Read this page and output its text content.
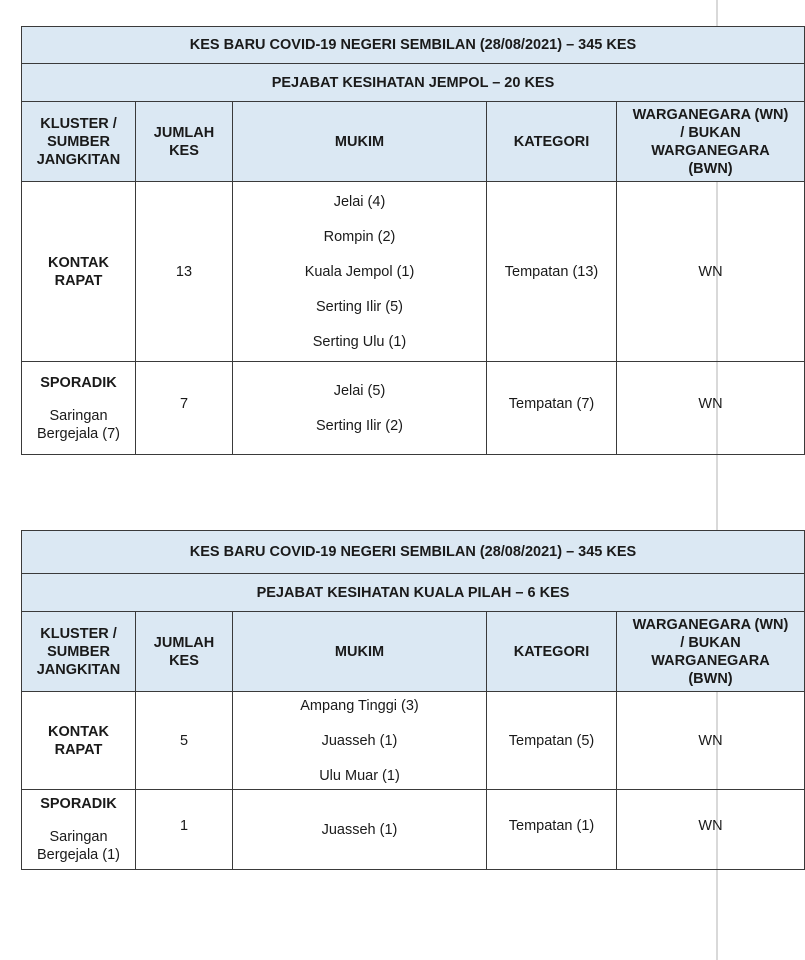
KES BARU COVID-19 NEGERI SEMBILAN (28/08/2021) – 345 KES				
PEJABAT KESIHATAN JEMPOL – 20 KES				
KLUSTER /
SUMBER
JANGKITAN	JUMLAH
KES	MUKIM	KATEGORI	WARGANEGARA (WN)
/ BUKAN
WARGANEGARA
(BWN)
KONTAK
RAPAT	13	Jelai (4)
Rompin (2)
Kuala Jempol (1)
Serting Ilir (5)
Serting Ulu (1)	Tempatan (13)	WN

SPORADIK
Saringan
Bergejala (7)	7	Jelai (5)
Serting Ilir (2)	Tempatan (7)	WN
KES BARU COVID-19 NEGERI SEMBILAN (28/08/2021) – 345 KES				
PEJABAT KESIHATAN KUALA PILAH – 6 KES				
KLUSTER /
SUMBER
JANGKITAN	JUMLAH
KES	MUKIM	KATEGORI	WARGANEGARA (WN)
/ BUKAN
WARGANEGARA
(BWN)
KONTAK
RAPAT	5	Ampang Tinggi (3)
Juasseh (1)
Ulu Muar (1)	Tempatan (5)	WN

SPORADIK
Saringan
Bergejala (1)	1	Juasseh (1)	Tempatan (1)	WN
